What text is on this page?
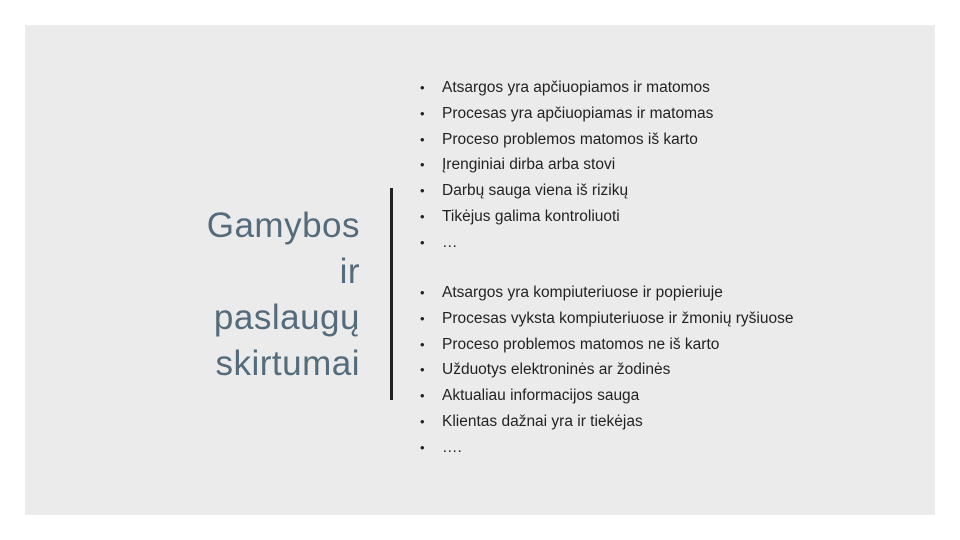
Gamybos
ir
paslaugų
skirtumai
• Atsargos yra apčiuopiamos ir matomos
• Procesas yra apčiuopiamas ir matomas
• Proceso problemos matomos iš karto
• Įrenginiai dirba arba stovi
• Darbų sauga viena iš rizikų
• Tikėjus galima kontroliuoti
• …
• Atsargos yra kompiuteriuose ir popieriuje
• Procesas vyksta kompiuteriuose ir žmonių ryšiuose
• Proceso problemos matomos ne iš karto
• Užduotys elektroninės ar žodinės
• Aktualiau informacijos sauga
• Klientas dažnai yra ir tiekėjas
• ….
